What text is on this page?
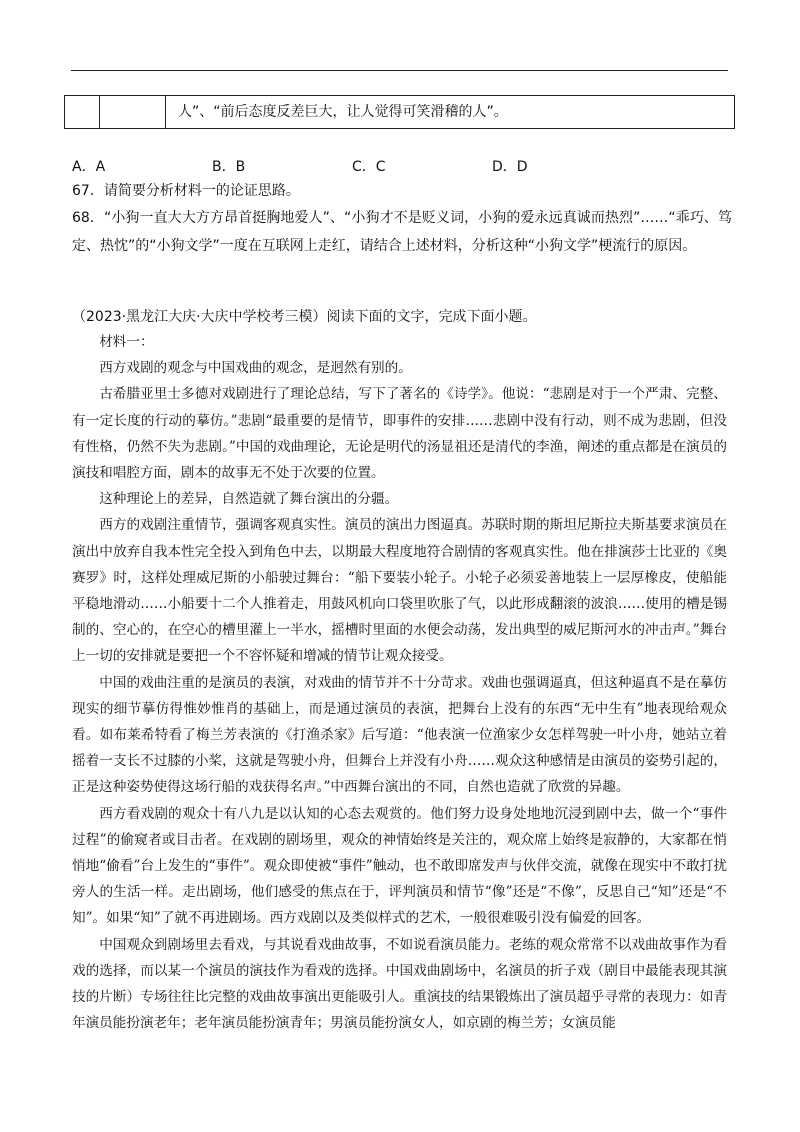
人”、“前后态度反差巨大，让人觉得可笑滑稽的人”。
A．A	B．B	C．C	D．D
67．请简要分析材料一的论证思路。
68．“小狗一直大大方方昂首挺胸地爱人”、“小狗才不是贬义词，小狗的爱永远真诚而热烈”……“乖巧、笃定、热忱”的“小狗文学”一度在互联网上走红，请结合上述材料，分析这种“小狗文学”梗流行的原因。
（2023·黑龙江大庆·大庆中学校考三模）阅读下面的文字，完成下面小题。

材料一：

西方戏剧的观念与中国戏曲的观念，是迥然有别的。

古希腊亚里士多德对戏剧进行了理论总结，写下了著名的《诗学》。他说：“悲剧是对于一个严肃、完整、有一定长度的行动的摹仿。”悲剧“最重要的是情节，即事件的安排……悲剧中没有行动，则不成为悲剧，但没有性格，仍然不失为悲剧。”中国的戏曲理论，无论是明代的汤显祖还是清代的李渔，阐述的重点都是在演员的演技和唱腔方面，剧本的故事无不处于次要的位置。

这种理论上的差异，自然造就了舞台演出的分疆。

西方的戏剧注重情节，强调客观真实性。演员的演出力图逼真。苏联时期的斯坦尼斯拉夫斯基要求演员在演出中放弃自我本性完全投入到角色中去，以期最大程度地符合剧情的客观真实性。他在排演莎士比亚的《奥赛罗》时，这样处理威尼斯的小船驶过舞台：“船下要装小轮子。小轮子必须妥善地装上一层厚橡皮，使船能平稳地滑动……小船要十二个人推着走，用鼓风机向口袋里吹胀了气，以此形成翻滚的波浪……使用的槽是锡制的、空心的，在空心的槽里灌上一半水，摇槽时里面的水便会动荡，发出典型的威尼斯河水的冲击声。”舞台上一切的安排就是要把一个不容怀疑和增减的情节让观众接受。

中国的戏曲注重的是演员的表演，对戏曲的情节并不十分苛求。戏曲也强调逼真，但这种逼真不是在摹仿现实的细节摹仿得惟妙惟肖的基础上，而是通过演员的表演，把舞台上没有的东西“无中生有”地表现给观众看。如布莱希特看了梅兰芳表演的《打渔杀家》后写道：“他表演一位渔家少女怎样驾驶一叶小舟，她站立着摇着一支长不过膝的小桨，这就是驾驶小舟，但舞台上并没有小舟……观众这种感情是由演员的姿势引起的，正是这种姿势使得这场行船的戏获得名声。”中西舞台演出的不同，自然也造就了欣赏的异趣。

西方看戏剧的观众十有八九是以认知的心态去观赏的。他们努力设身处地地沉浸到剧中去，做一个“事件过程”的偷窥者或目击者。在戏剧的剧场里，观众的神情始终是关注的，观众席上始终是寂静的，大家都在悄悄地“偷看”台上发生的“事件”。观众即使被“事件”触动，也不敢即席发声与伙伴交流，就像在现实中不敢打扰旁人的生活一样。走出剧场，他们感受的焦点在于，评判演员和情节“像”还是“不像”，反思自己“知”还是“不知”。如果“知”了就不再进剧场。西方戏剧以及类似样式的艺术，一般很难吸引没有偏爱的回客。

中国观众到剧场里去看戏，与其说看戏曲故事，不如说看演员能力。老练的观众常常不以戏曲故事作为看戏的选择，而以某一个演员的演技作为看戏的选择。中国戏曲剧场中，名演员的折子戏（剧目中最能表现其演技的片断）专场往往比完整的戏曲故事演出更能吸引人。重演技的结果锻炼出了演员超乎寻常的表现力：如青年演员能扮演老年；老年演员能扮演青年；男演员能扮演女人，如京剧的梅兰芳；女演员能
